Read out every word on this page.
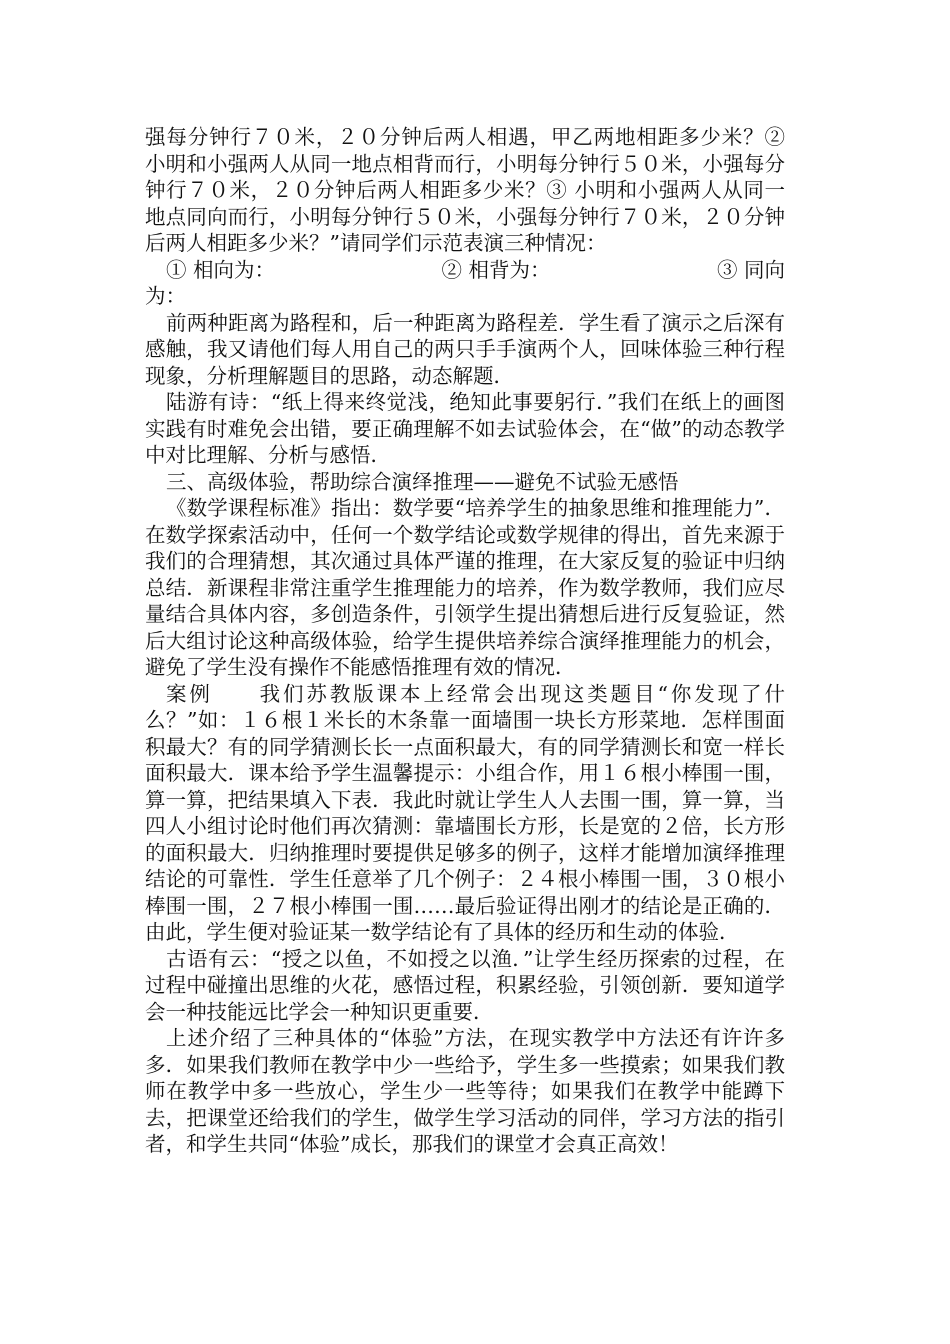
强每分钟行７０米，２０分钟后两人相遇，甲乙两地相距多少米？② 小明和小强两人从同一地点相背而行，小明每分钟行５０米，小强每分钟行７０米，２０分钟后两人相距多少米？③ 小明和小强两人从同一地点同向而行，小明每分钟行５０米，小强每分钟行７０米，２０分钟后两人相距多少米？”请同学们示范表演三种情况：

① 相向为：	② 相背为：	③ 同向

为：

前两种距离为路程和，后一种距离为路程差．学生看了演示之后深有感触，我又请他们每人用自己的两只手手演两个人，回味体验三种行程现象，分析理解题目的思路，动态解题．

陆游有诗：“纸上得来终觉浅，绝知此事要躬行．”我们在纸上的画图实践有时难免会出错，要正确理解不如去试验体会，在“做”的动态教学中对比理解、分析与感悟．

三、高级体验，帮助综合演绎推理——避免不试验无感悟

《数学课程标准》指出：数学要“培养学生的抽象思维和推理能力”．在数学探索活动中，任何一个数学结论或数学规律的得出，首先来源于我们的合理猜想，其次通过具体严谨的推理，在大家反复的验证中归纳总结．新课程非常注重学生推理能力的培养，作为数学教师，我们应尽量结合具体内容，多创造条件，引领学生提出猜想后进行反复验证，然后大组讨论这种高级体验，给学生提供培养综合演绎推理能力的机会，避免了学生没有操作不能感悟推理有效的情况．

案例　　我们苏教版课本上经常会出现这类题目“你发现了什么？”如：１６根１米长的木条靠一面墙围一块长方形菜地．怎样围面积最大？有的同学猜测长长一点面积最大，有的同学猜测长和宽一样长面积最大．课本给予学生温馨提示：小组合作，用１６根小棒围一围，算一算，把结果填入下表．我此时就让学生人人去围一围，算一算，当四人小组讨论时他们再次猜测：靠墙围长方形，长是宽的２倍，长方形的面积最大．归纳推理时要提供足够多的例子，这样才能增加演绎推理结论的可靠性．学生任意举了几个例子：２４根小棒围一围，３０根小棒围一围，２７根小棒围一围……最后验证得出刚才的结论是正确的．由此，学生便对验证某一数学结论有了具体的经历和生动的体验．

古语有云：“授之以鱼，不如授之以渔．”让学生经历探索的过程，在过程中碰撞出思维的火花，感悟过程，积累经验，引领创新．要知道学会一种技能远比学会一种知识更重要．

上述介绍了三种具体的“体验”方法，在现实教学中方法还有许许多多．如果我们教师在教学中少一些给予，学生多一些摸索；如果我们教师在教学中多一些放心，学生少一些等待；如果我们在教学中能蹲下去，把课堂还给我们的学生，做学生学习活动的同伴，学习方法的指引者，和学生共同“体验”成长，那我们的课堂才会真正高效！
